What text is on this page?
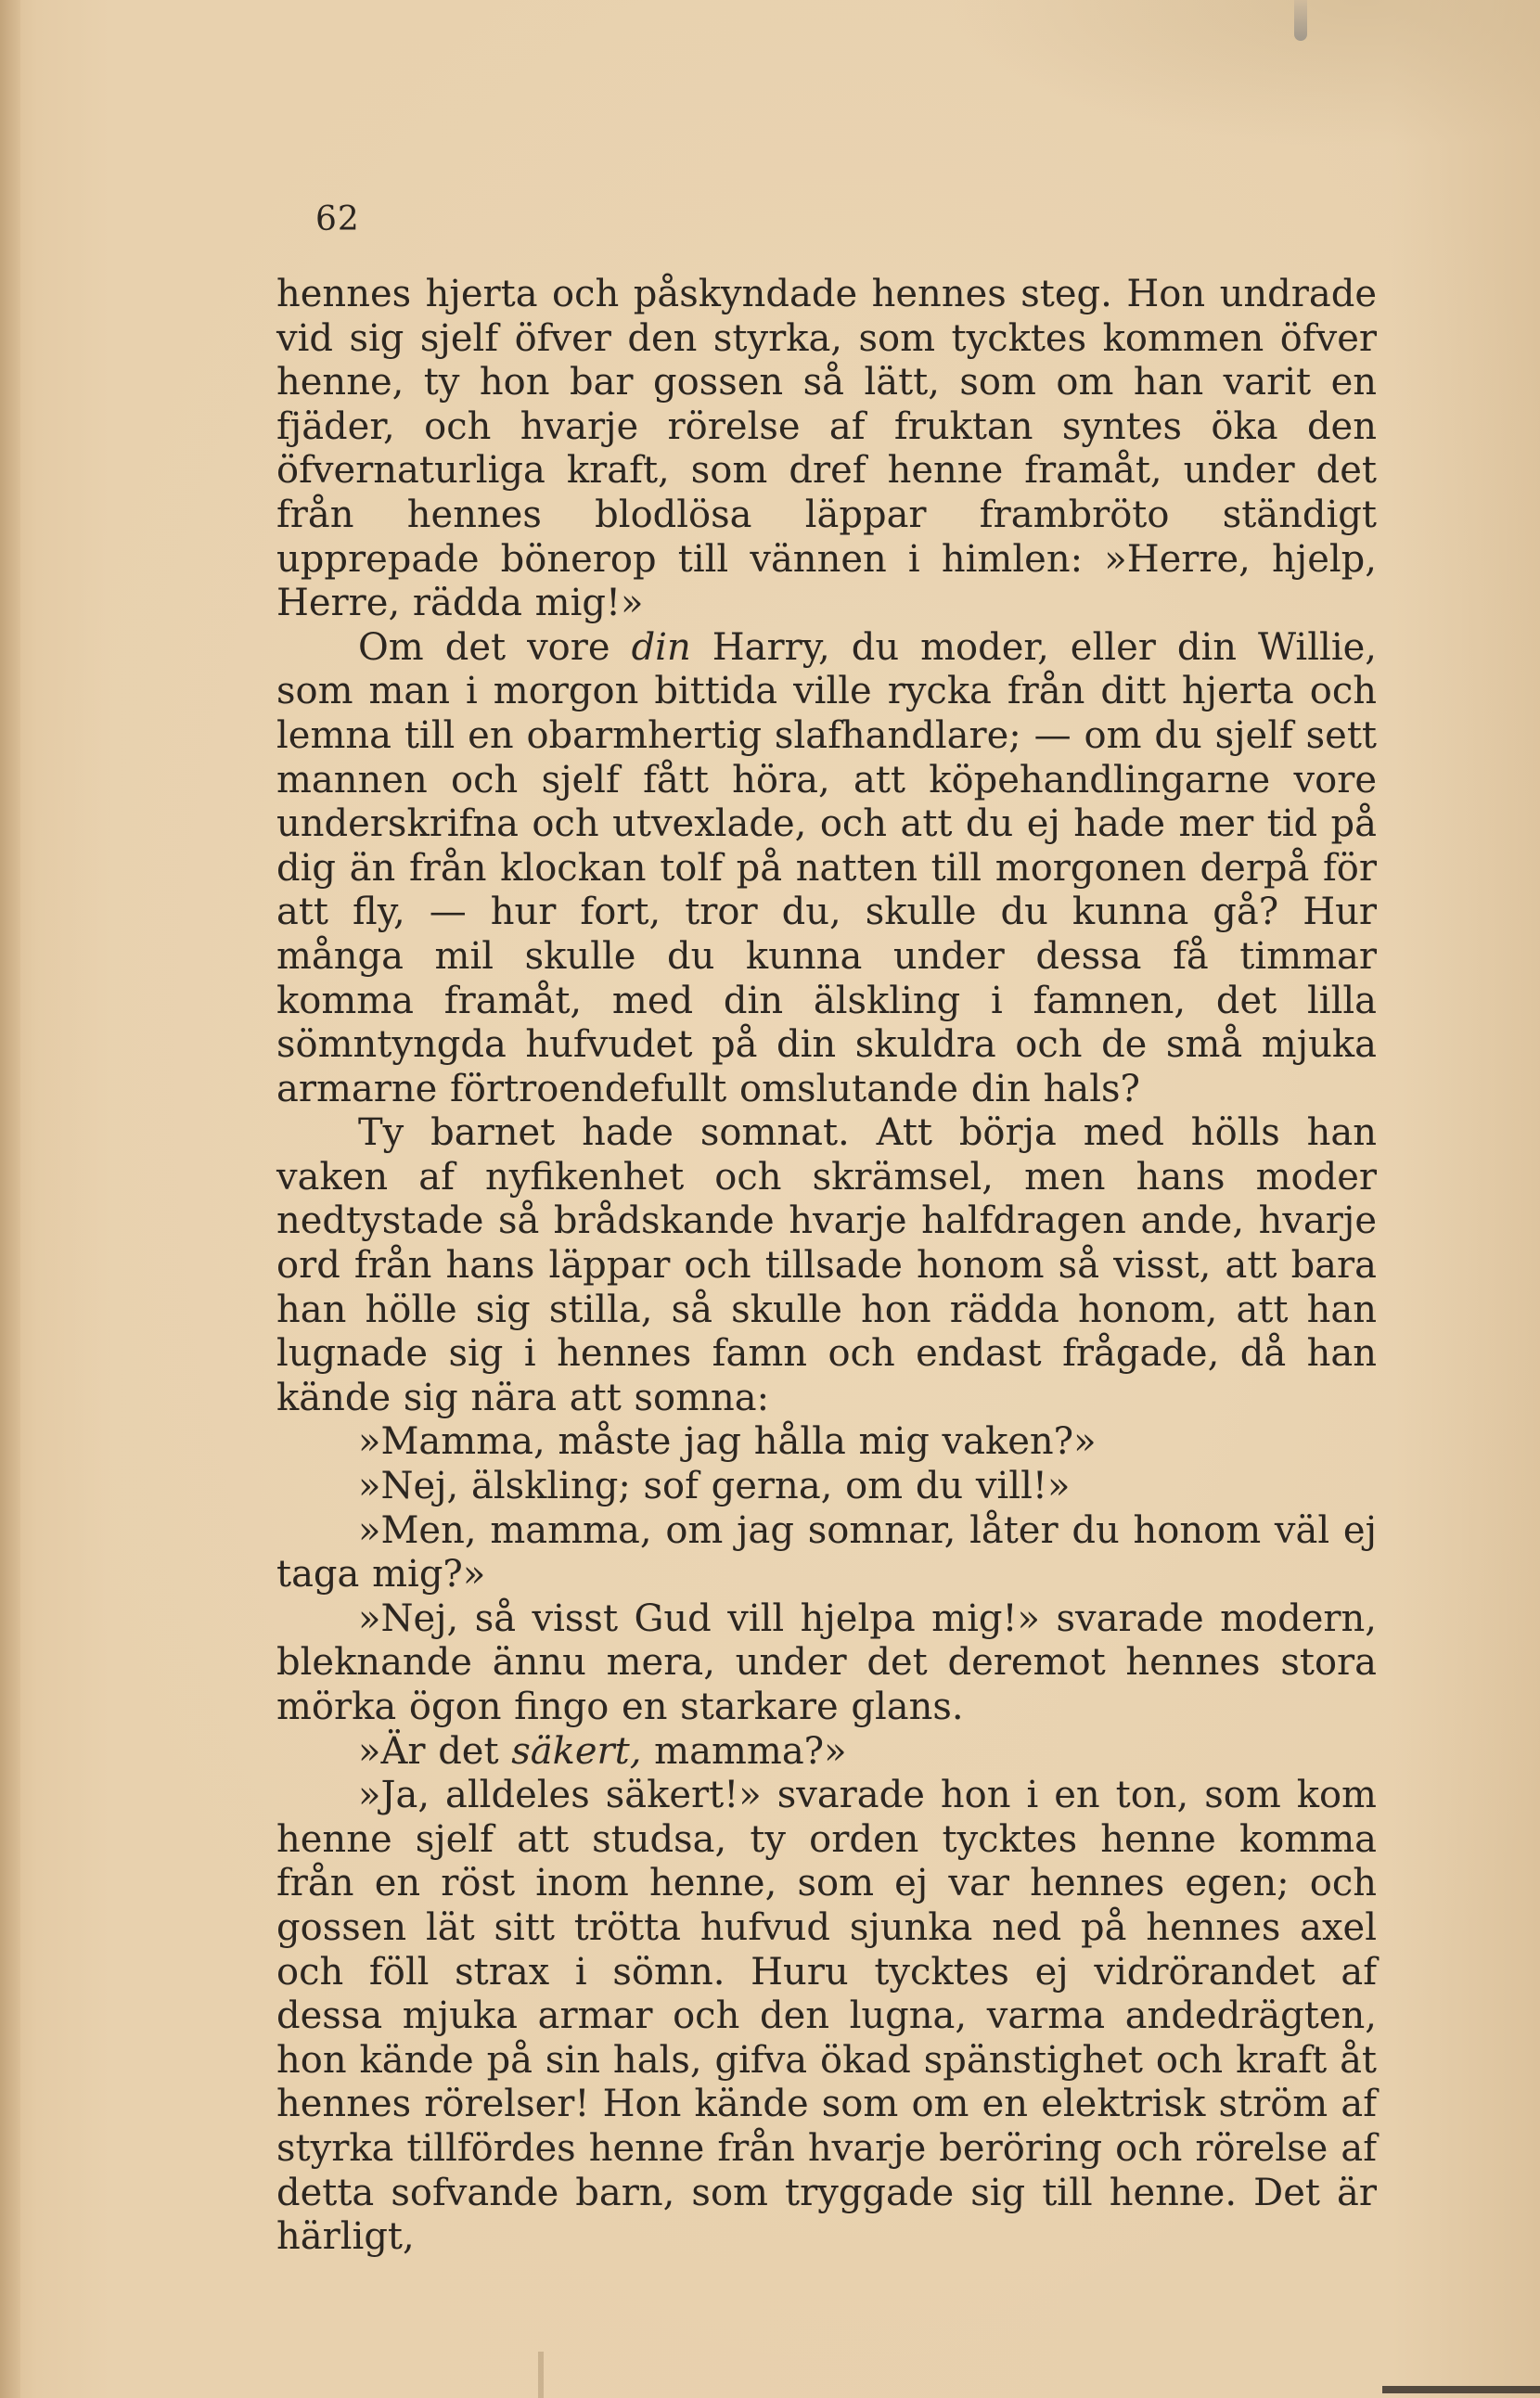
62

hennes hjerta och påskyndade hennes steg. Hon undrade vid sig sjelf öfver den styrka, som tycktes kommen öfver henne, ty hon bar gossen så lätt, som om han varit en fjäder, och hvarje rörelse af fruktan syntes öka den öfvernaturliga kraft, som dref henne framåt, under det från hennes blodlösa läppar frambröto ständigt upprepade bönerop till vännen i himlen: »Herre, hjelp, Herre, rädda mig!»

Om det vore din Harry, du moder, eller din Willie, som man i morgon bittida ville rycka från ditt hjerta och lemna till en obarmhertig slafhandlare; — om du sjelf sett mannen och sjelf fått höra, att köpehandlingarne vore underskrifna och utvexlade, och att du ej hade mer tid på dig än från klockan tolf på natten till morgonen derpå för att fly, — hur fort, tror du, skulle du kunna gå? Hur många mil skulle du kunna under dessa få timmar komma framåt, med din älskling i famnen, det lilla sömntyngda hufvudet på din skuldra och de små mjuka armarne förtroendefullt omslutande din hals?

Ty barnet hade somnat. Att börja med hölls han vaken af nyfikenhet och skrämsel, men hans moder nedtystade så brådskande hvarje halfdragen ande, hvarje ord från hans läppar och tillsade honom så visst, att bara han hölle sig stilla, så skulle hon rädda honom, att han lugnade sig i hennes famn och endast frågade, då han kände sig nära att somna:

»Mamma, måste jag hålla mig vaken?»

»Nej, älskling; sof gerna, om du vill!»

»Men, mamma, om jag somnar, låter du honom väl ej taga mig?»

»Nej, så visst Gud vill hjelpa mig!» svarade modern, bleknande ännu mera, under det deremot hennes stora mörka ögon fingo en starkare glans.

»Är det säkert, mamma?»

»Ja, alldeles säkert!» svarade hon i en ton, som kom henne sjelf att studsa, ty orden tycktes henne komma från en röst inom henne, som ej var hennes egen; och gossen lät sitt trötta hufvud sjunka ned på hennes axel och föll strax i sömn. Huru tycktes ej vidrörandet af dessa mjuka armar och den lugna, varma andedrägten, hon kände på sin hals, gifva ökad spänstighet och kraft åt hennes rörelser! Hon kände som om en elektrisk ström af styrka tillfördes henne från hvarje beröring och rörelse af detta sofvande barn, som tryggade sig till henne. Det är härligt,
